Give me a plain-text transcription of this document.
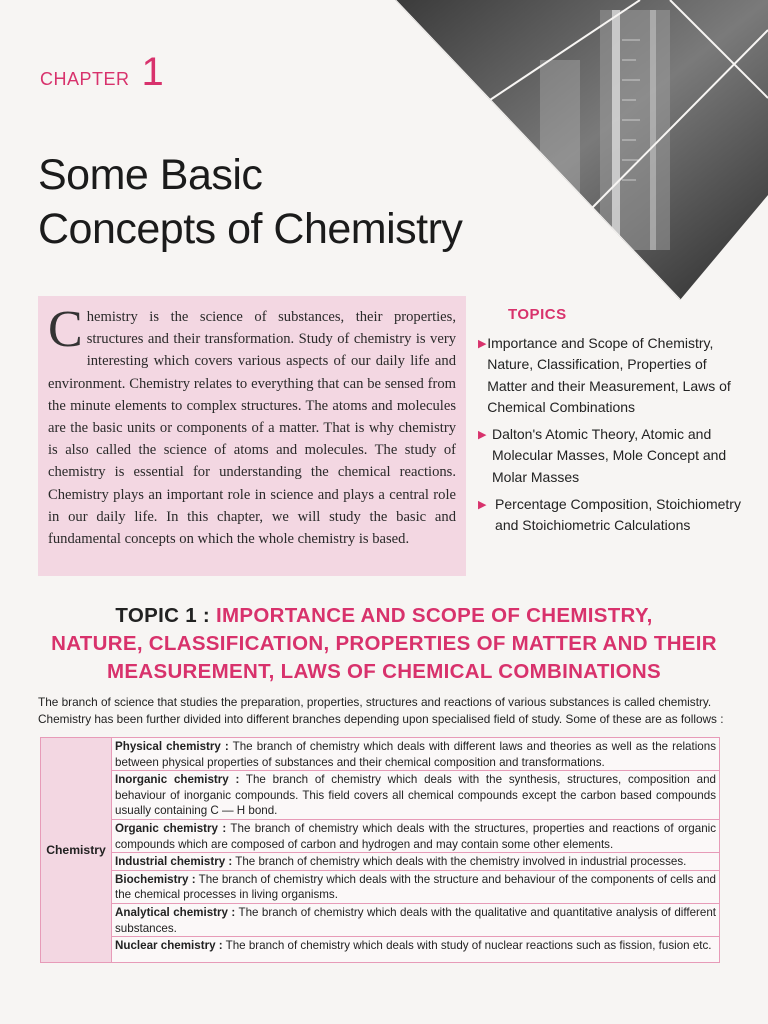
CHAPTER 1
Some Basic
Concepts of Chemistry

Chemistry is the science of substances, their properties, structures and their transformation. Study of chemistry is very interesting which covers various aspects of our daily life and environment. Chemistry relates to everything that can be sensed from the minute elements to complex structures. The atoms and molecules are the basic units or components of a matter. That is why chemistry is also called the science of atoms and molecules. The study of chemistry is essential for understanding the chemical reactions. Chemistry plays an important role in science and plays a central role in our daily life. In this chapter, we will study the basic and fundamental concepts on which the whole chemistry is based.

TOPICS
▶ Importance and Scope of Chemistry, Nature, Classification, Properties of Matter and their Measurement, Laws of Chemical Combinations
▶ Dalton's Atomic Theory, Atomic and Molecular Masses, Mole Concept and Molar Masses
▶ Percentage Composition, Stoichiometry and Stoichiometric Calculations
TOPIC 1 : IMPORTANCE AND SCOPE OF CHEMISTRY,
NATURE, CLASSIFICATION, PROPERTIES OF MATTER AND THEIR
MEASUREMENT, LAWS OF CHEMICAL COMBINATIONS
The branch of science that studies the preparation, properties, structures and reactions of various substances is called chemistry.
Chemistry has been further divided into different branches depending upon specialised field of study. Some of these are as follows :
Chemistry
Physical chemistry : The branch of chemistry which deals with different laws and theories as well as the relations between physical properties of substances and their chemical composition and transformations.
Inorganic chemistry : The branch of chemistry which deals with the synthesis, structures, composition and behaviour of inorganic compounds. This field covers all chemical compounds except the carbon based compounds usually containing C — H bond.
Organic chemistry : The branch of chemistry which deals with the structures, properties and reactions of organic compounds which are composed of carbon and hydrogen and may contain some other elements.
Industrial chemistry : The branch of chemistry which deals with the chemistry involved in industrial processes.
Biochemistry : The branch of chemistry which deals with the structure and behaviour of the components of cells and the chemical processes in living organisms.
Analytical chemistry : The branch of chemistry which deals with the qualitative and quantitative analysis of different substances.
Nuclear chemistry : The branch of chemistry which deals with study of nuclear reactions such as fission, fusion etc.
